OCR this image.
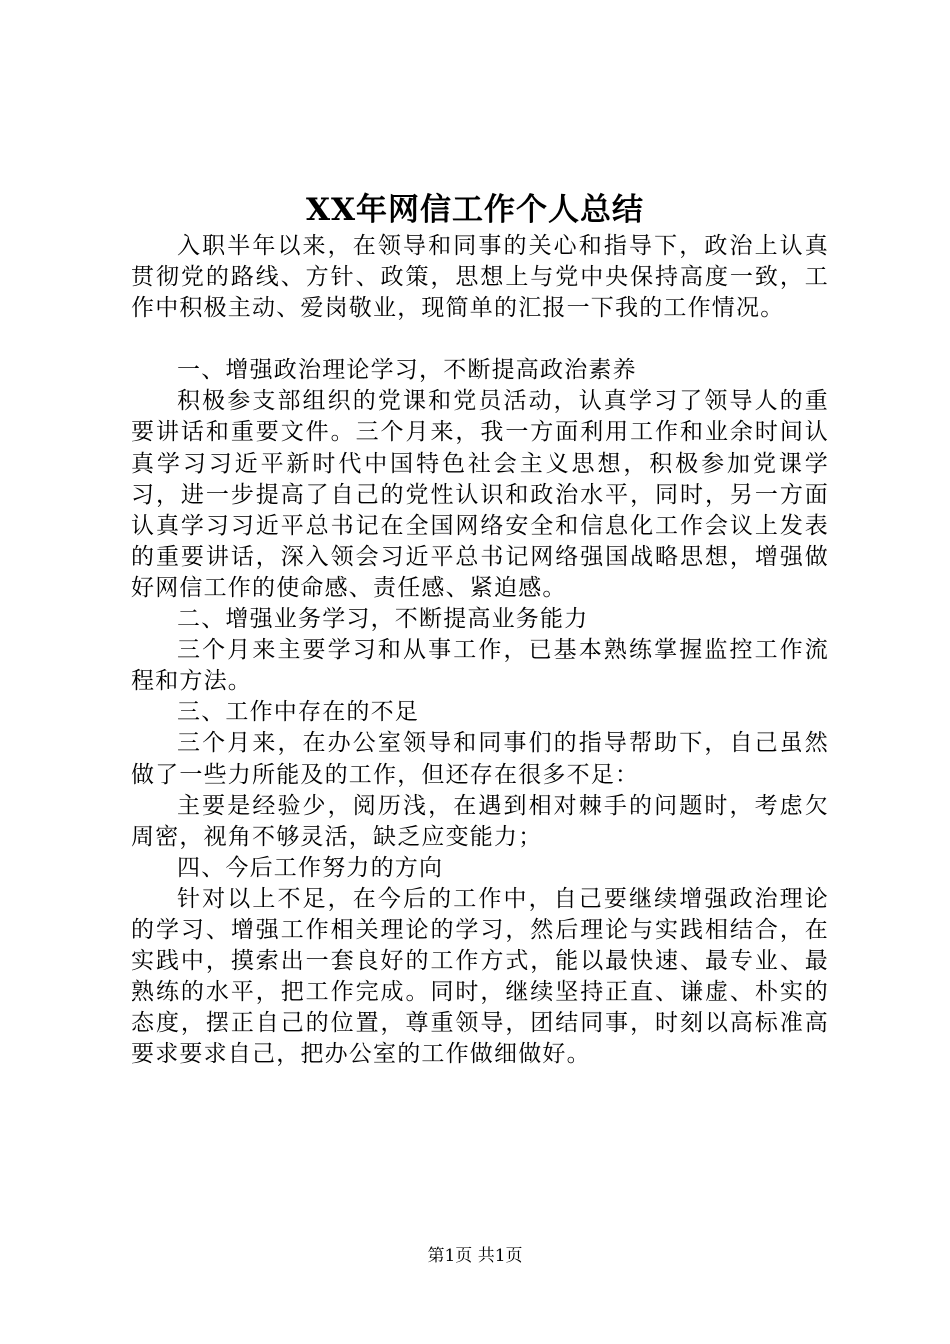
XX年网信工作个人总结

入职半年以来，在领导和同事的关心和指导下，政治上认真贯彻党的路线、方针、政策，思想上与党中央保持高度一致，工作中积极主动、爱岗敬业，现简单的汇报一下我的工作情况。

一、增强政治理论学习，不断提高政治素养

积极参支部组织的党课和党员活动，认真学习了领导人的重要讲话和重要文件。三个月来，我一方面利用工作和业余时间认真学习习近平新时代中国特色社会主义思想，积极参加党课学习，进一步提高了自己的党性认识和政治水平，同时，另一方面认真学习习近平总书记在全国网络安全和信息化工作会议上发表的重要讲话，深入领会习近平总书记网络强国战略思想，增强做好网信工作的使命感、责任感、紧迫感。

二、增强业务学习，不断提高业务能力

三个月来主要学习和从事工作，已基本熟练掌握监控工作流程和方法。

三、工作中存在的不足

三个月来，在办公室领导和同事们的指导帮助下，自己虽然做了一些力所能及的工作，但还存在很多不足：

主要是经验少，阅历浅，在遇到相对棘手的问题时，考虑欠周密，视角不够灵活，缺乏应变能力；

四、今后工作努力的方向

针对以上不足，在今后的工作中，自己要继续增强政治理论的学习、增强工作相关理论的学习，然后理论与实践相结合，在实践中，摸索出一套良好的工作方式，能以最快速、最专业、最熟练的水平，把工作完成。同时，继续坚持正直、谦虚、朴实的态度，摆正自己的位置，尊重领导，团结同事，时刻以高标准高要求要求自己，把办公室的工作做细做好。

第1页 共1页
